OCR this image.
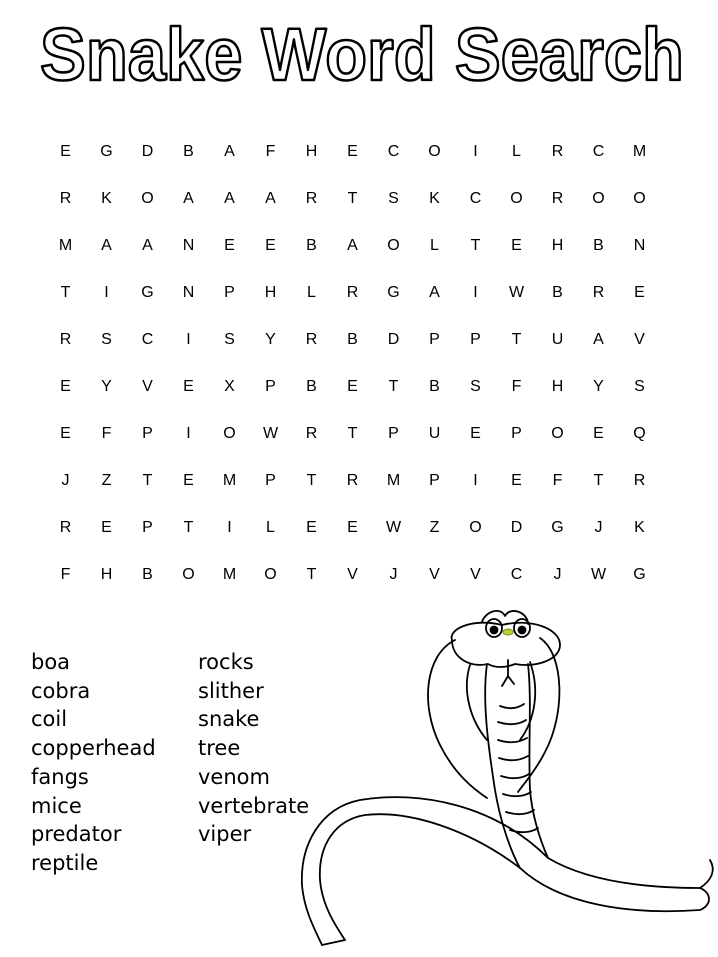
Snake Word Search
E	G	D	B	A	F	H	E	C	O	I	L	R	C	M
R	K	O	A	A	A	R	T	S	K	C	O	R	O	O
M	A	A	N	E	E	B	A	O	L	T	E	H	B	N
T	I	G	N	P	H	L	R	G	A	I	W	B	R	E
R	S	C	I	S	Y	R	B	D	P	P	T	U	A	V
E	Y	V	E	X	P	B	E	T	B	S	F	H	Y	S
E	F	P	I	O	W	R	T	P	U	E	P	O	E	Q
J	Z	T	E	M	P	T	R	M	P	I	E	F	T	R
R	E	P	T	I	L	E	E	W	Z	O	D	G	J	K
F	H	B	O	M	O	T	V	J	V	V	C	J	W	G
boa
cobra
coil
copperhead
fangs
mice
predator
reptile
rocks
slither
snake
tree
venom
vertebrate
viper
